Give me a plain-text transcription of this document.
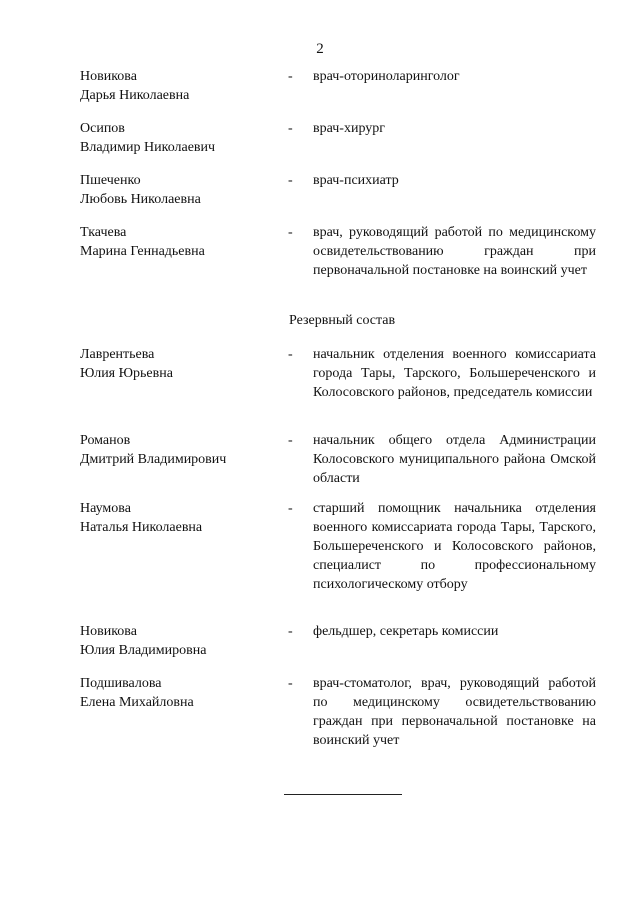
2
Новикова
Дарья Николаевна
- врач-оториноларинголог
Осипов
Владимир Николаевич
- врач-хирург
Пшеченко
Любовь Николаевна
- врач-психиатр
Ткачева
Марина Геннадьевна
- врач, руководящий работой по медицинскому освидетельствованию граждан при первоначальной постановке на воинский учет
Резервный состав
Лаврентьева
Юлия Юрьевна
- начальник отделения военного комиссариата города Тары, Тарского, Большереченского и Колосовского районов, председатель комиссии
Романов
Дмитрий Владимирович
- начальник общего отдела Администрации Колосовского муниципального района Омской области
Наумова
Наталья Николаевна
- старший помощник начальника отделения военного комиссариата города Тары, Тарского, Большереченского и Колосовского районов, специалист по профессиональному психологическому отбору
Новикова
Юлия Владимировна
- фельдшер, секретарь комиссии
Подшивалова
Елена Михайловна
- врач-стоматолог, врач, руководящий работой по медицинскому освидетельствованию граждан при первоначальной постановке на воинский учет
